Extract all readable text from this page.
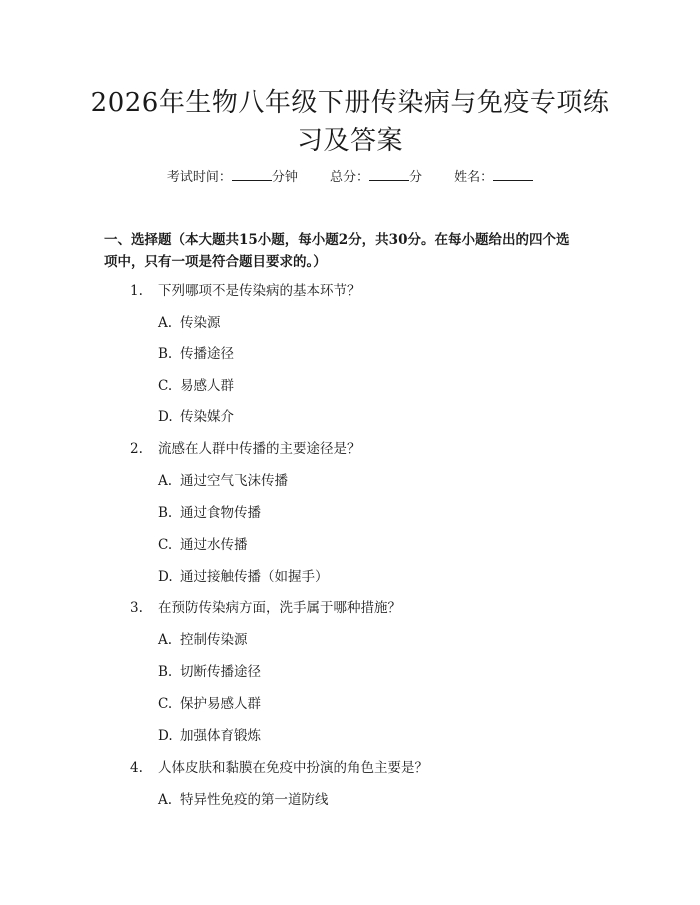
2026年生物八年级下册传染病与免疫专项练
习及答案
考试时间：	分钟 总分：	分 姓名：

一、选择题（本大题共15小题，每小题2分，共30分。在每小题给出的四个选
项中，只有一项是符合题目要求的。）

1. 下列哪项不是传染病的基本环节？
A. 传染源
B. 传播途径
C. 易感人群
D. 传染媒介
2. 流感在人群中传播的主要途径是？
A. 通过空气飞沫传播
B. 通过食物传播
C. 通过水传播
D. 通过接触传播（如握手）
3. 在预防传染病方面，洗手属于哪种措施？
A. 控制传染源
B. 切断传播途径
C. 保护易感人群
D. 加强体育锻炼
4. 人体皮肤和黏膜在免疫中扮演的角色主要是？
A. 特异性免疫的第一道防线
